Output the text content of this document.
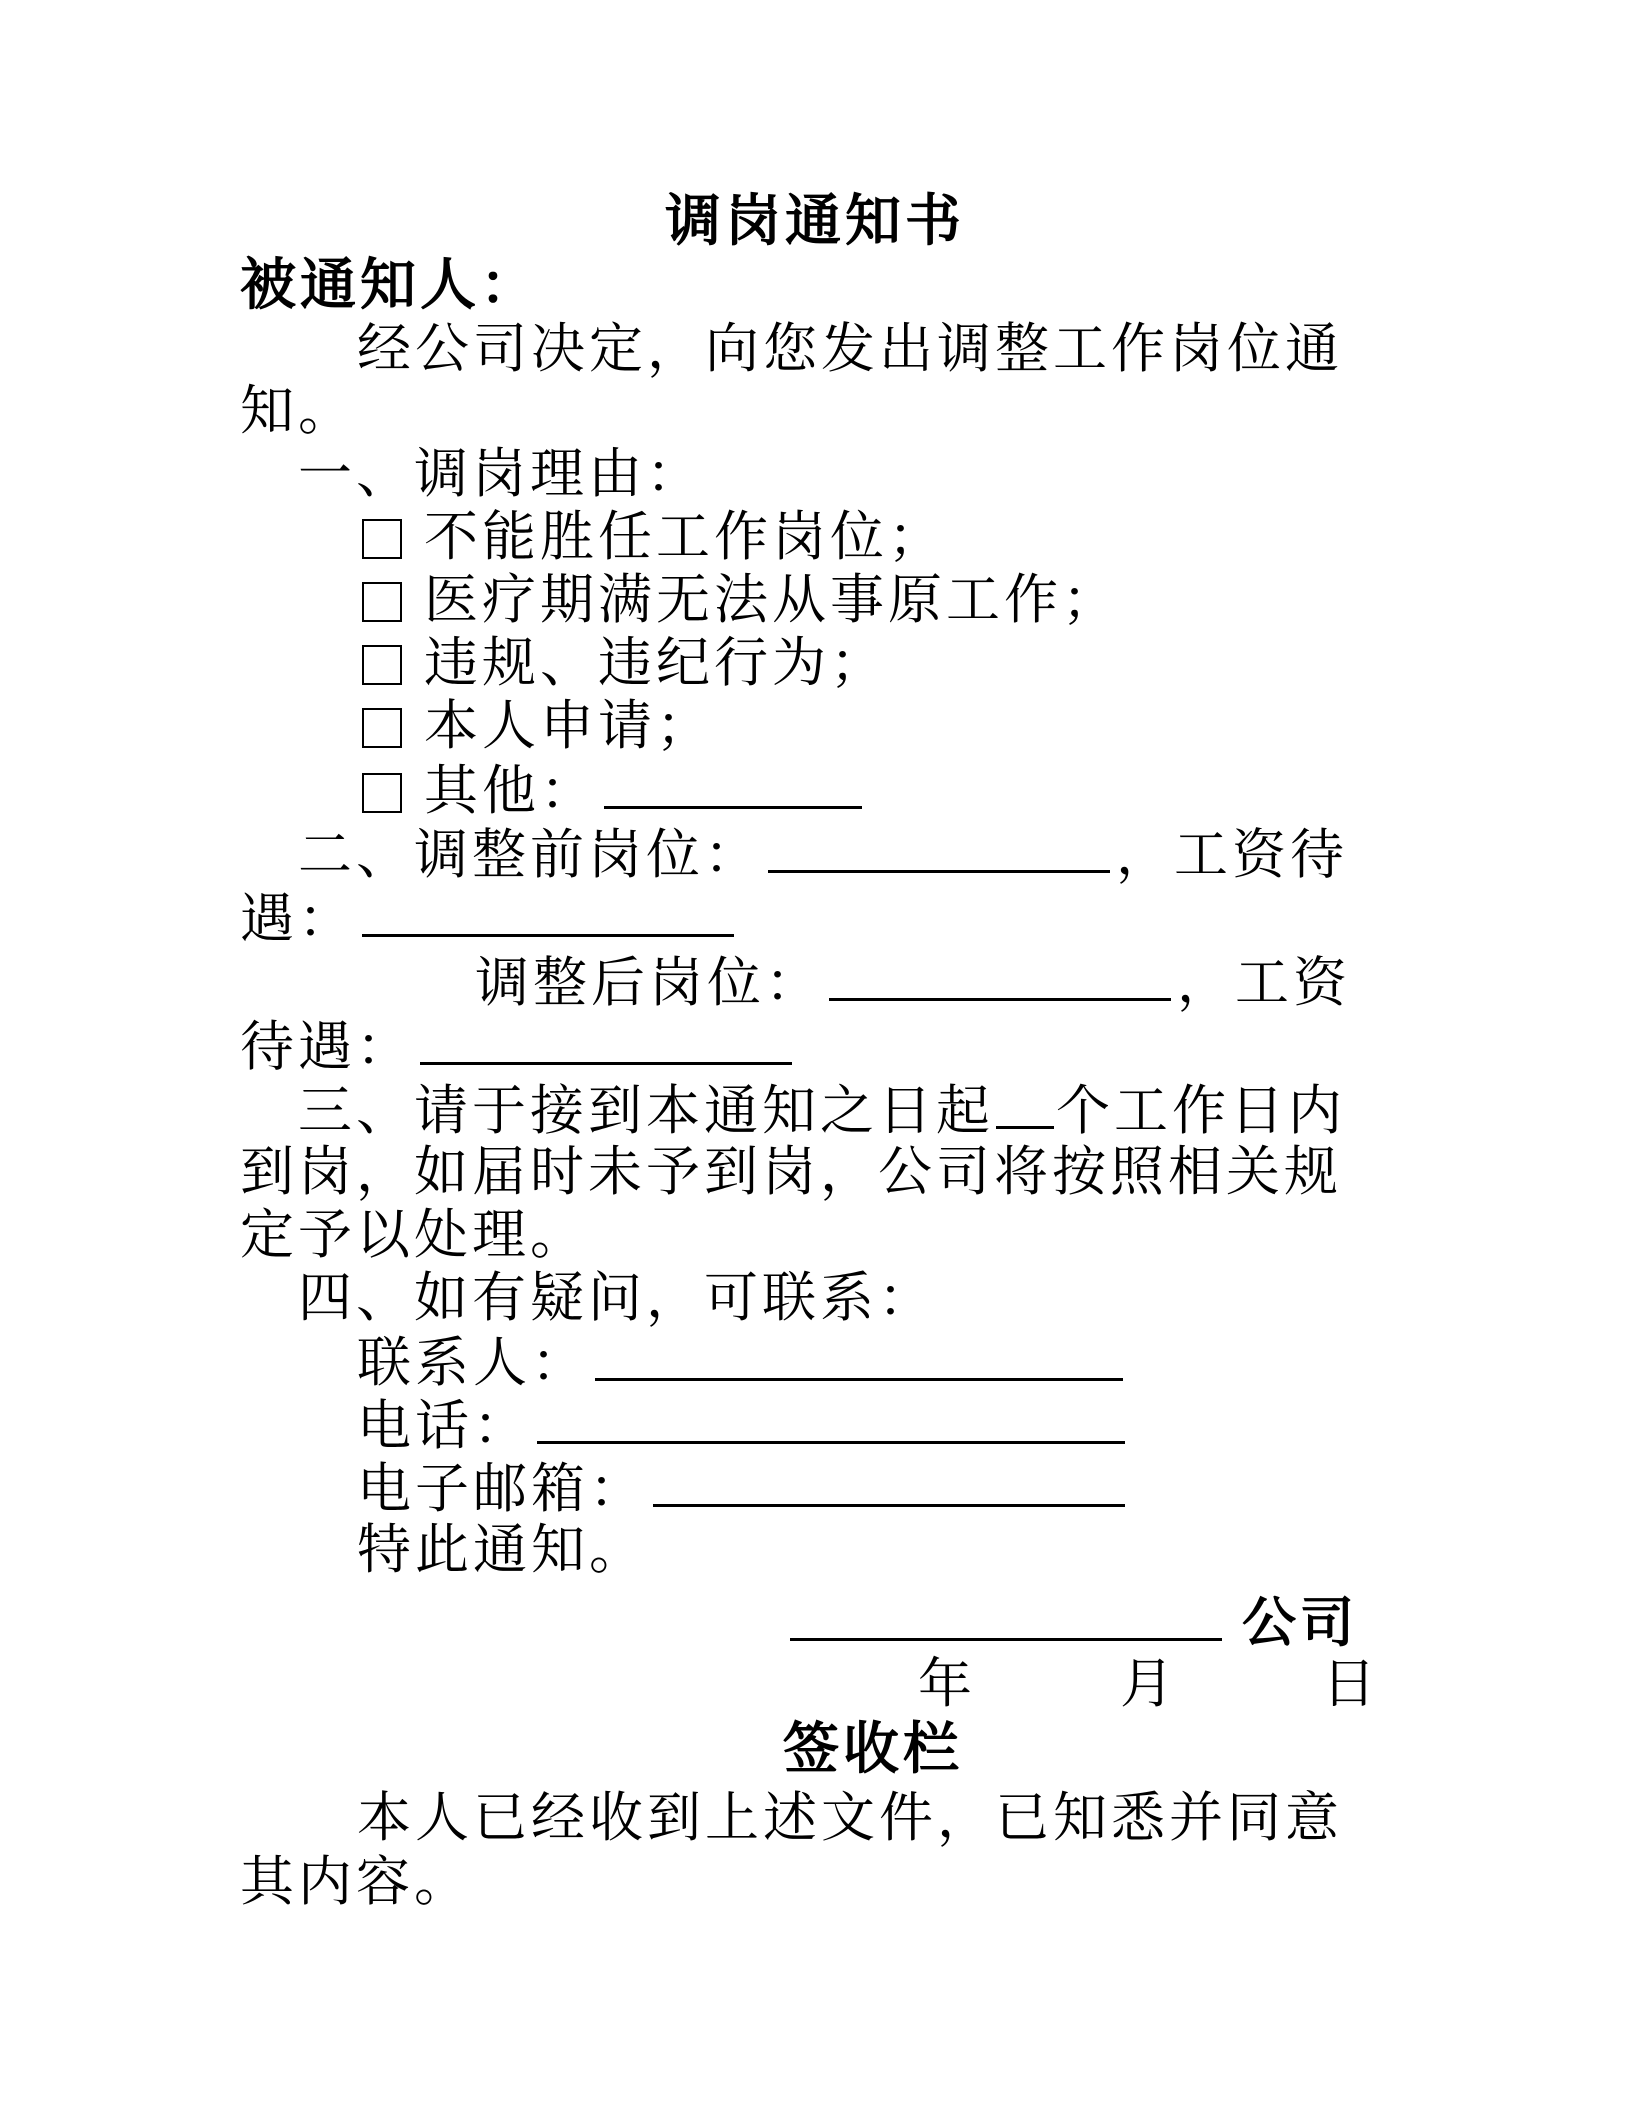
调岗通知书
被通知人：
经公司决定，向您发出调整工作岗位通
知。
一、调岗理由：
不能胜任工作岗位；
医疗期满无法从事原工作；
违规、违纪行为；
本人申请；
其他：
二、调整前岗位：	，工资待
遇：
调整后岗位：	，工资
待遇：
三、请于接到本通知之日起 个工作日内
到岗，如届时未予到岗，公司将按照相关规
定予以处理。
四、如有疑问，可联系：
联系人：
电话：
电子邮箱：
特此通知。
公司
年	月	日
签收栏
本人已经收到上述文件，已知悉并同意
其内容。
